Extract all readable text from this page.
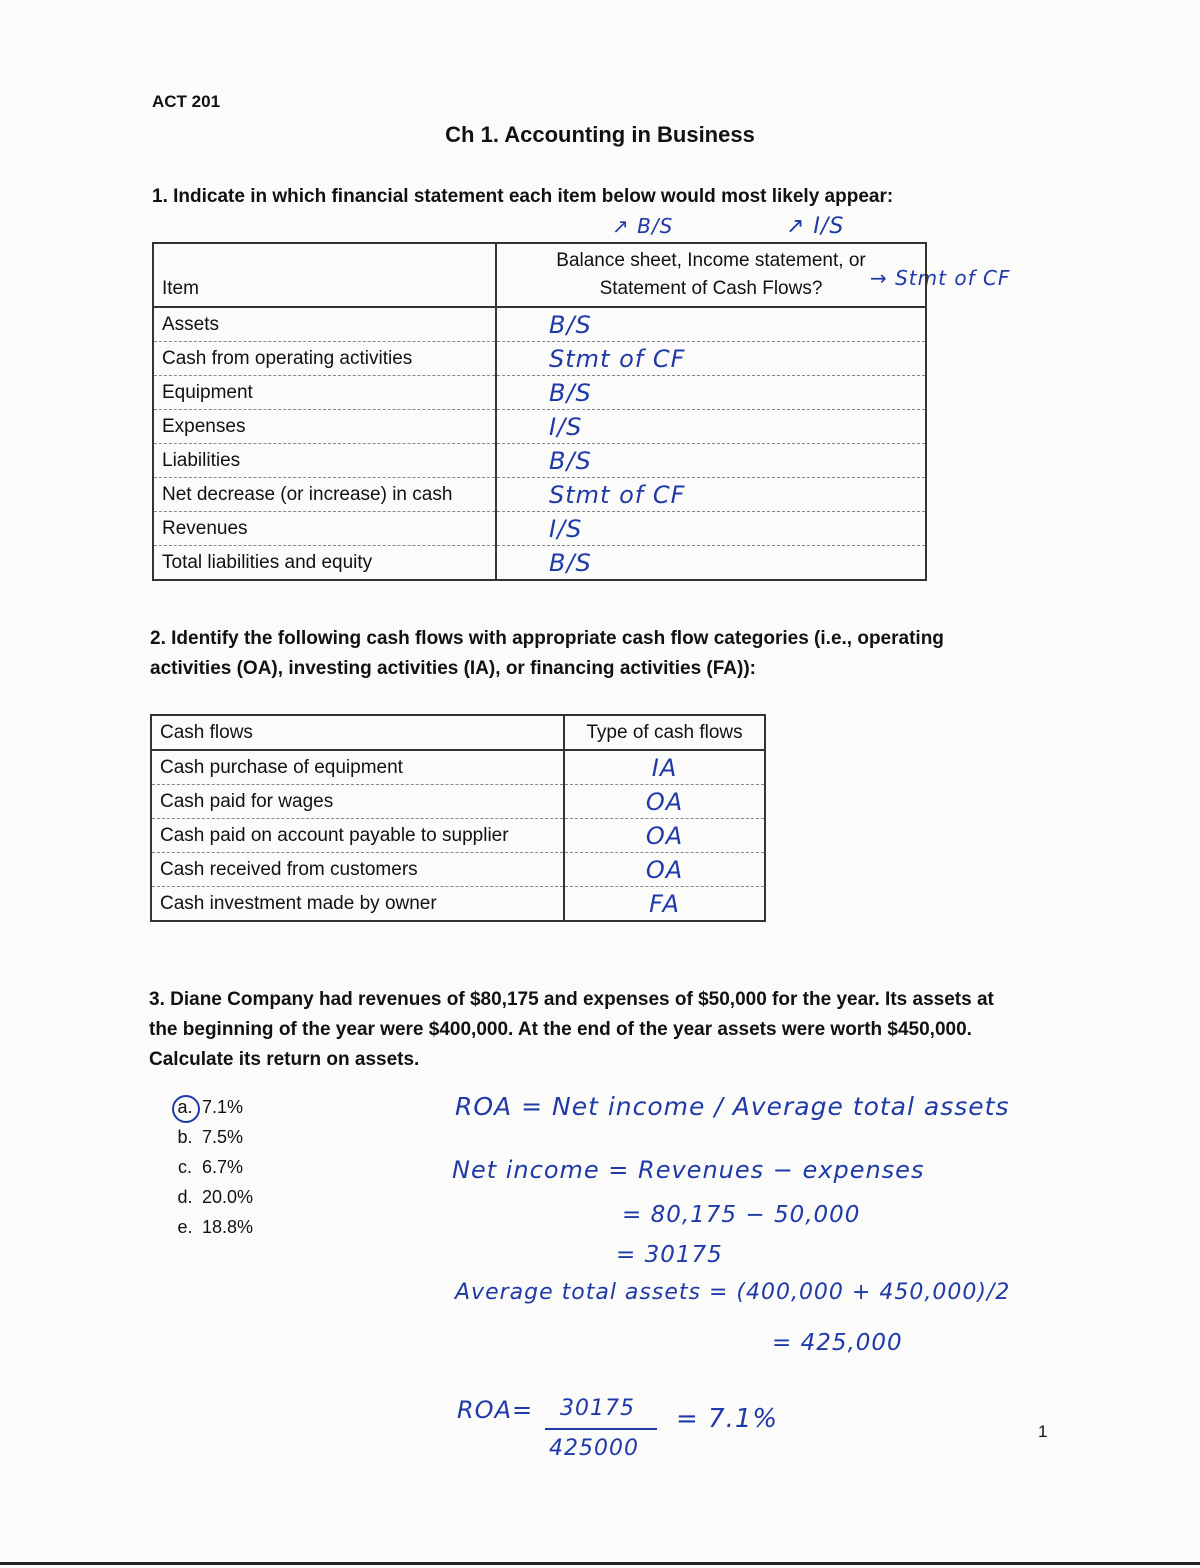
ACT 201
Ch 1. Accounting in Business
1. Indicate in which financial statement each item below would most likely appear:
↗ B/S	↗ I/S
→ Stmt of CF
Item	Balance sheet, Income statement, or
Statement of Cash Flows?

Assets	B/S
Cash from operating activities	Stmt of CF
Equipment	B/S
Expenses	I/S
Liabilities	B/S
Net decrease (or increase) in cash	Stmt of CF
Revenues	I/S
Total liabilities and equity	B/S
2. Identify the following cash flows with appropriate cash flow categories (i.e., operating
activities (OA), investing activities (IA), or financing activities (FA)):
Cash flows	Type of cash flows
Cash purchase of equipment	IA
Cash paid for wages	OA
Cash paid on account payable to supplier	OA
Cash received from customers	OA
Cash investment made by owner	FA
3. Diane Company had revenues of $80,175 and expenses of $50,000 for the year. Its assets at
the beginning of the year were $400,000. At the end of the year assets were worth $450,000.
Calculate its return on assets.
a. 7.1%
b. 7.5%
c. 6.7%
d. 20.0%
e. 18.8%
ROA = Net income / Average total assets
Net income = Revenues − expenses
= 80,175 − 50,000
= 30175
Average total assets = (400,000 + 450,000)/2
= 425,000
ROA= 30175
425000
= 7.1%	1
